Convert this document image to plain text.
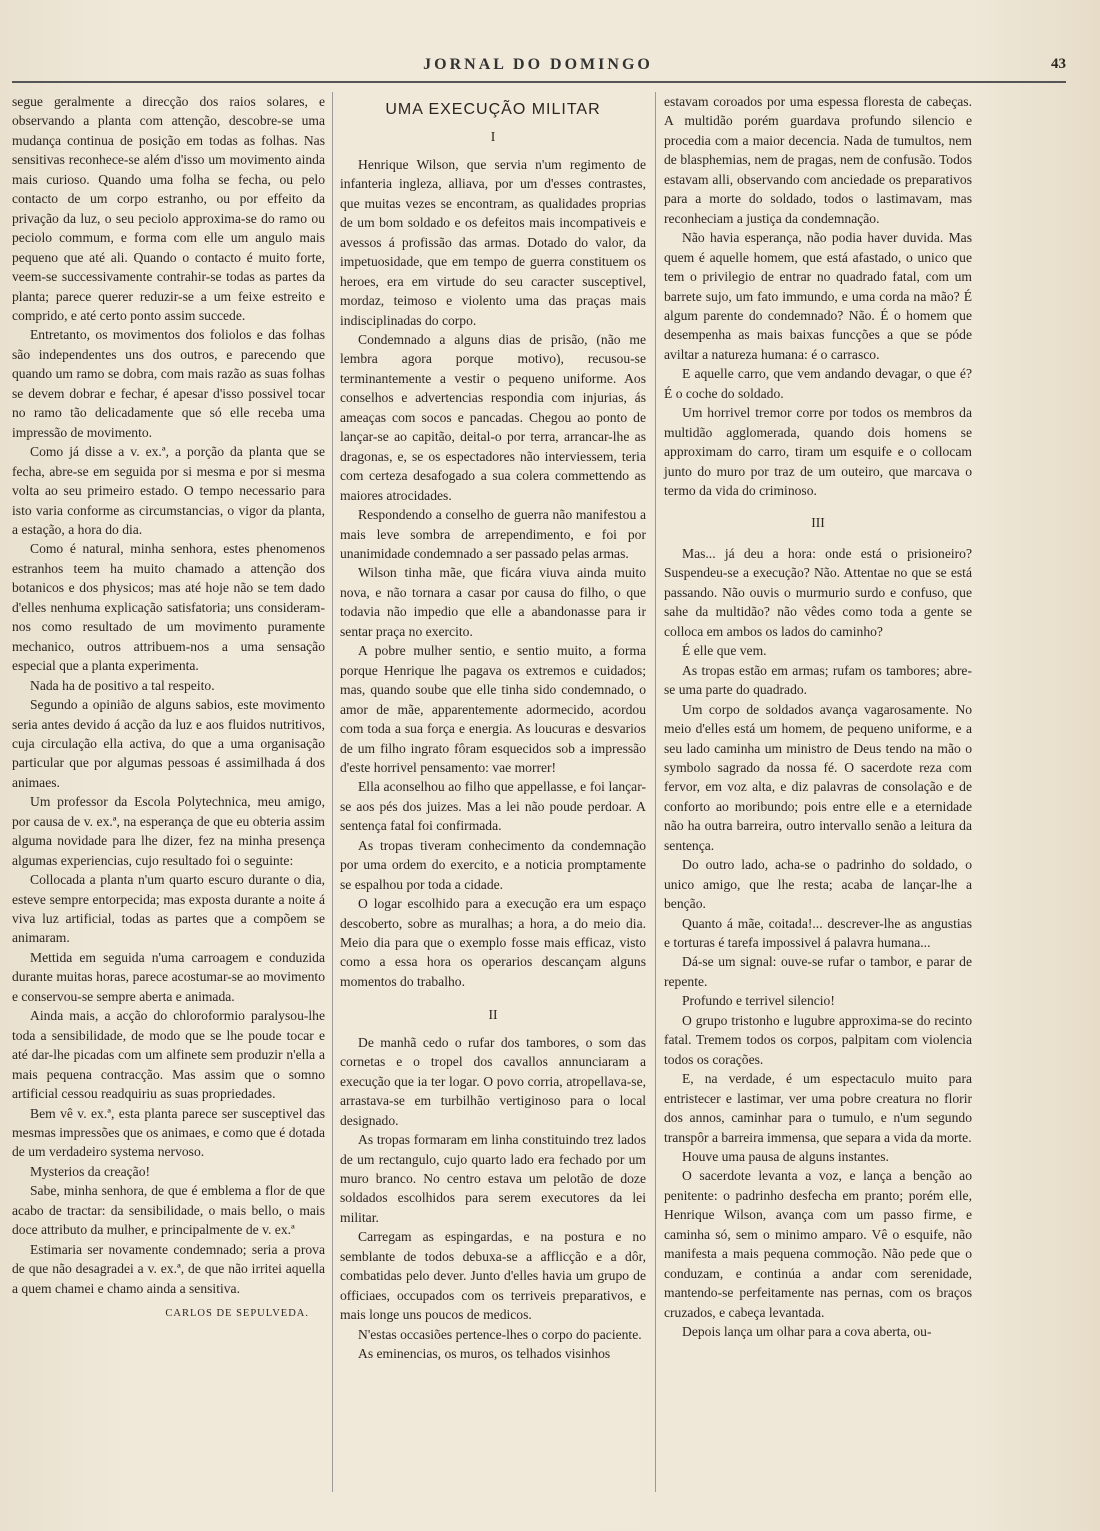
JORNAL DO DOMINGO	43

segue geralmente a direcção dos raios solares, e observando a planta com attenção, descobre-se uma mudança continua de posição em todas as folhas. Nas sensitivas reconhece-se além d'isso um movimento ainda mais curioso. Quando uma folha se fecha, ou pelo contacto de um corpo estranho, ou por effeito da privação da luz, o seu peciolo approxima-se do ramo ou peciolo commum, e forma com elle um angulo mais pequeno que até ali. Quando o contacto é muito forte, veem-se successivamente contrahir-se todas as partes da planta; parece querer reduzir-se a um feixe estreito e comprido, e até certo ponto assim succede.

Entretanto, os movimentos dos foliolos e das folhas são independentes uns dos outros, e parecendo que quando um ramo se dobra, com mais razão as suas folhas se devem dobrar e fechar, é apesar d'isso possivel tocar no ramo tão delicadamente que só elle receba uma impressão de movimento.

Como já disse a v. ex.ª, a porção da planta que se fecha, abre-se em seguida por si mesma e por si mesma volta ao seu primeiro estado. O tempo necessario para isto varia conforme as circumstancias, o vigor da planta, a estação, a hora do dia.

Como é natural, minha senhora, estes phenomenos estranhos teem ha muito chamado a attenção dos botanicos e dos physicos; mas até hoje não se tem dado d'elles nenhuma explicação satisfatoria; uns consideram-nos como resultado de um movimento puramente mechanico, outros attribuem-nos a uma sensação especial que a planta experimenta.

Nada ha de positivo a tal respeito.

Segundo a opinião de alguns sabios, este movimento seria antes devido á acção da luz e aos fluidos nutritivos, cuja circulação ella activa, do que a uma organisação particular que por algumas pessoas é assimilhada á dos animaes.

Um professor da Escola Polytechnica, meu amigo, por causa de v. ex.ª, na esperança de que eu obteria assim alguma novidade para lhe dizer, fez na minha presença algumas experiencias, cujo resultado foi o seguinte:

Collocada a planta n'um quarto escuro durante o dia, esteve sempre entorpecida; mas exposta durante a noite á viva luz artificial, todas as partes que a compõem se animaram.

Mettida em seguida n'uma carroagem e conduzida durante muitas horas, parece acostumar-se ao movimento e conservou-se sempre aberta e animada.

Ainda mais, a acção do chloroformio paralysou-lhe toda a sensibilidade, de modo que se lhe poude tocar e até dar-lhe picadas com um alfinete sem produzir n'ella a mais pequena contracção. Mas assim que o somno artificial cessou readquiriu as suas propriedades.

Bem vê v. ex.ª, esta planta parece ser susceptivel das mesmas impressões que os animaes, e como que é dotada de um verdadeiro systema nervoso.

Mysterios da creação!

Sabe, minha senhora, de que é emblema a flor de que acabo de tractar: da sensibilidade, o mais bello, o mais doce attributo da mulher, e principalmente de v. ex.ª

Estimaria ser novamente condemnado; seria a prova de que não desagradei a v. ex.ª, de que não irritei aquella a quem chamei e chamo ainda a sensitiva.

CARLOS DE SEPULVEDA.
UMA EXECUÇÃO MILITAR
I

Henrique Wilson, que servia n'um regimento de infanteria ingleza, alliava, por um d'esses contrastes, que muitas vezes se encontram, as qualidades proprias de um bom soldado e os defeitos mais incompativeis e avessos á profissão das armas. Dotado do valor, da impetuosidade, que em tempo de guerra constituem os heroes, era em virtude do seu caracter susceptivel, mordaz, teimoso e violento uma das praças mais indisciplinadas do corpo.

Condemnado a alguns dias de prisão, (não me lembra agora porque motivo), recusou-se terminantemente a vestir o pequeno uniforme. Aos conselhos e advertencias respondia com injurias, ás ameaças com socos e pancadas. Chegou ao ponto de lançar-se ao capitão, deital-o por terra, arrancar-lhe as dragonas, e, se os espectadores não interviessem, teria com certeza desafogado a sua colera commettendo as maiores atrocidades.

Respondendo a conselho de guerra não manifestou a mais leve sombra de arrependimento, e foi por unanimidade condemnado a ser passado pelas armas.

Wilson tinha mãe, que ficára viuva ainda muito nova, e não tornara a casar por causa do filho, o que todavia não impedio que elle a abandonasse para ir sentar praça no exercito.

A pobre mulher sentio, e sentio muito, a forma porque Henrique lhe pagava os extremos e cuidados; mas, quando soube que elle tinha sido condemnado, o amor de mãe, apparentemente adormecido, acordou com toda a sua força e energia. As loucuras e desvarios de um filho ingrato fôram esquecidos sob a impressão d'este horrivel pensamento: vae morrer!

Ella aconselhou ao filho que appellasse, e foi lançar-se aos pés dos juizes. Mas a lei não poude perdoar. A sentença fatal foi confirmada.

As tropas tiveram conhecimento da condemnação por uma ordem do exercito, e a noticia promptamente se espalhou por toda a cidade.

O logar escolhido para a execução era um espaço descoberto, sobre as muralhas; a hora, a do meio dia. Meio dia para que o exemplo fosse mais efficaz, visto como a essa hora os operarios descançam alguns momentos do trabalho.

II

De manhã cedo o rufar dos tambores, o som das cornetas e o tropel dos cavallos annunciaram a execução que ia ter logar. O povo corria, atropellava-se, arrastava-se em turbilhão vertiginoso para o local designado.

As tropas formaram em linha constituindo trez lados de um rectangulo, cujo quarto lado era fechado por um muro branco. No centro estava um pelotão de doze soldados escolhidos para serem executores da lei militar.

Carregam as espingardas, e na postura e no semblante de todos debuxa-se a afflicção e a dôr, combatidas pelo dever. Junto d'elles havia um grupo de officiaes, occupados com os terriveis preparativos, e mais longe uns poucos de medicos.

N'estas occasiões pertence-lhes o corpo do paciente.

As eminencias, os muros, os telhados visinhos

estavam coroados por uma espessa floresta de cabeças. A multidão porém guardava profundo silencio e procedia com a maior decencia. Nada de tumultos, nem de blasphemias, nem de pragas, nem de confusão. Todos estavam alli, observando com anciedade os preparativos para a morte do soldado, todos o lastimavam, mas reconheciam a justiça da condemnação.

Não havia esperança, não podia haver duvida. Mas quem é aquelle homem, que está afastado, o unico que tem o privilegio de entrar no quadrado fatal, com um barrete sujo, um fato immundo, e uma corda na mão? É algum parente do condemnado? Não. É o homem que desempenha as mais baixas funcções a que se póde aviltar a natureza humana: é o carrasco.

E aquelle carro, que vem andando devagar, o que é? É o coche do soldado.

Um horrivel tremor corre por todos os membros da multidão agglomerada, quando dois homens se approximam do carro, tiram um esquife e o collocam junto do muro por traz de um outeiro, que marcava o termo da vida do criminoso.

III

Mas... já deu a hora: onde está o prisioneiro? Suspendeu-se a execução? Não. Attentae no que se está passando. Não ouvis o murmurio surdo e confuso, que sahe da multidão? não vêdes como toda a gente se colloca em ambos os lados do caminho?

É elle que vem.

As tropas estão em armas; rufam os tambores; abre-se uma parte do quadrado.

Um corpo de soldados avança vagarosamente. No meio d'elles está um homem, de pequeno uniforme, e a seu lado caminha um ministro de Deus tendo na mão o symbolo sagrado da nossa fé. O sacerdote reza com fervor, em voz alta, e diz palavras de consolação e de conforto ao moribundo; pois entre elle e a eternidade não ha outra barreira, outro intervallo senão a leitura da sentença.

Do outro lado, acha-se o padrinho do soldado, o unico amigo, que lhe resta; acaba de lançar-lhe a benção.

Quanto á mãe, coitada!... descrever-lhe as angustias e torturas é tarefa impossivel á palavra humana...

Dá-se um signal: ouve-se rufar o tambor, e parar de repente.

Profundo e terrivel silencio!

O grupo tristonho e lugubre approxima-se do recinto fatal. Tremem todos os corpos, palpitam com violencia todos os corações.

E, na verdade, é um espectaculo muito para entristecer e lastimar, ver uma pobre creatura no florir dos annos, caminhar para o tumulo, e n'um segundo transpôr a barreira immensa, que separa a vida da morte.

Houve uma pausa de alguns instantes.

O sacerdote levanta a voz, e lança a benção ao penitente: o padrinho desfecha em pranto; porém elle, Henrique Wilson, avança com um passo firme, e caminha só, sem o minimo amparo. Vê o esquife, não manifesta a mais pequena commoção. Não pede que o conduzam, e continúa a andar com serenidade, mantendo-se perfeitamente nas pernas, com os braços cruzados, e cabeça levantada.

Depois lança um olhar para a cova aberta, ou-
